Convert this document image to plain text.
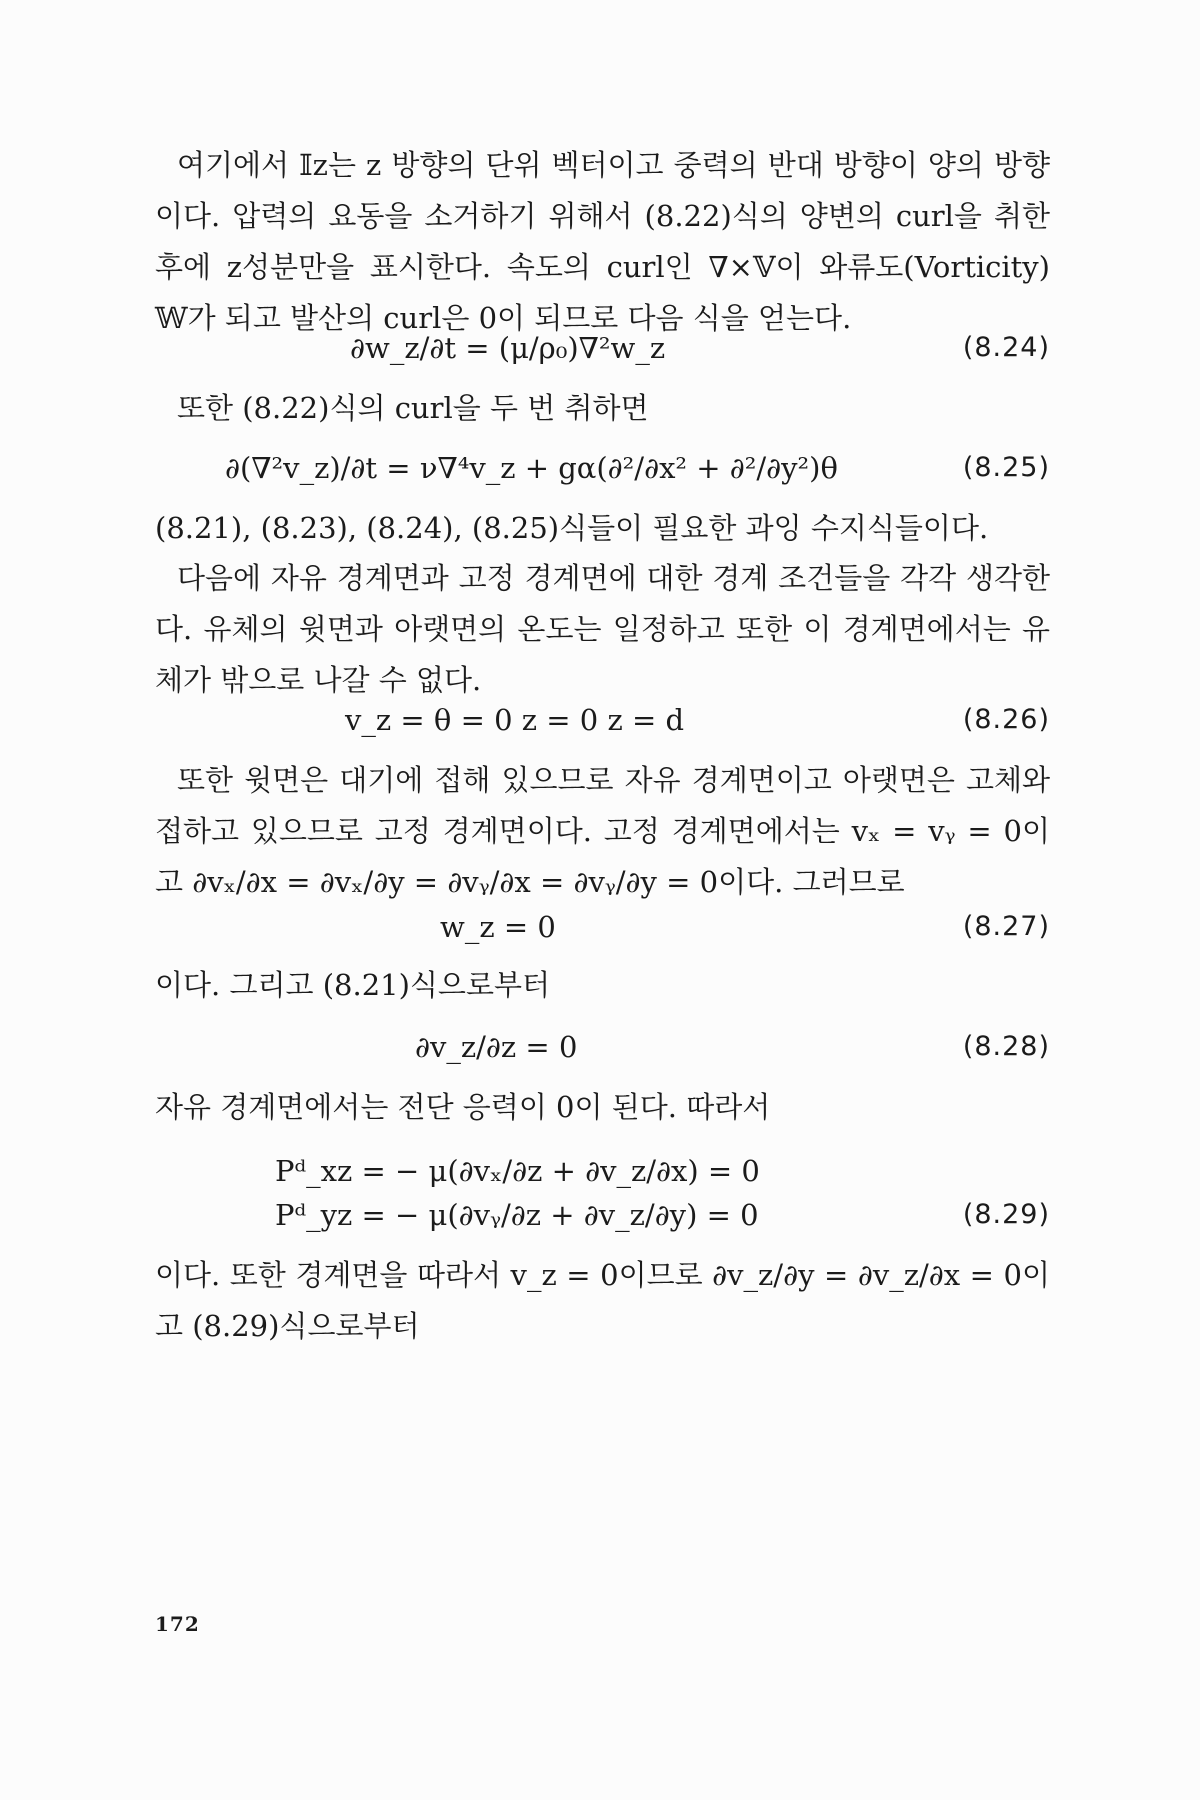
여기에서 𝕀z는 z 방향의 단위 벡터이고 중력의 반대 방향이 양의 방향이다. 압력의 요동을 소거하기 위해서 (8.22)식의 양변의 curl을 취한 후에 z성분만을 표시한다. 속도의 curl인 ∇×𝕍이 와류도(Vorticity) 𝕎가 되고 발산의 curl은 0이 되므로 다음 식을 얻는다.

∂w_z/∂t = (μ/ρ₀)∇²w_z	(8.24)

또한 (8.22)식의 curl을 두 번 취하면

∂(∇²v_z)/∂t = ν∇⁴v_z + gα(∂²/∂x² + ∂²/∂y²)θ	(8.25)

(8.21), (8.23), (8.24), (8.25)식들이 필요한 과잉 수지식들이다.

다음에 자유 경계면과 고정 경계면에 대한 경계 조건들을 각각 생각한다. 유체의 윗면과 아랫면의 온도는 일정하고 또한 이 경계면에서는 유체가 밖으로 나갈 수 없다.

v_z = θ = 0 z = 0 z = d	(8.26)

또한 윗면은 대기에 접해 있으므로 자유 경계면이고 아랫면은 고체와 접하고 있으므로 고정 경계면이다. 고정 경계면에서는 vₓ = vᵧ = 0이고 ∂vₓ/∂x = ∂vₓ/∂y = ∂vᵧ/∂x = ∂vᵧ/∂y = 0이다. 그러므로

w_z = 0	(8.27)

이다. 그리고 (8.21)식으로부터

∂v_z/∂z = 0	(8.28)

자유 경계면에서는 전단 응력이 0이 된다. 따라서

Pᵈ_xz = − μ(∂vₓ/∂z + ∂v_z/∂x) = 0
Pᵈ_yz = − μ(∂vᵧ/∂z + ∂v_z/∂y) = 0	(8.29)

이다. 또한 경계면을 따라서 v_z = 0이므로 ∂v_z/∂y = ∂v_z/∂x = 0이고 (8.29)식으로부터

172
